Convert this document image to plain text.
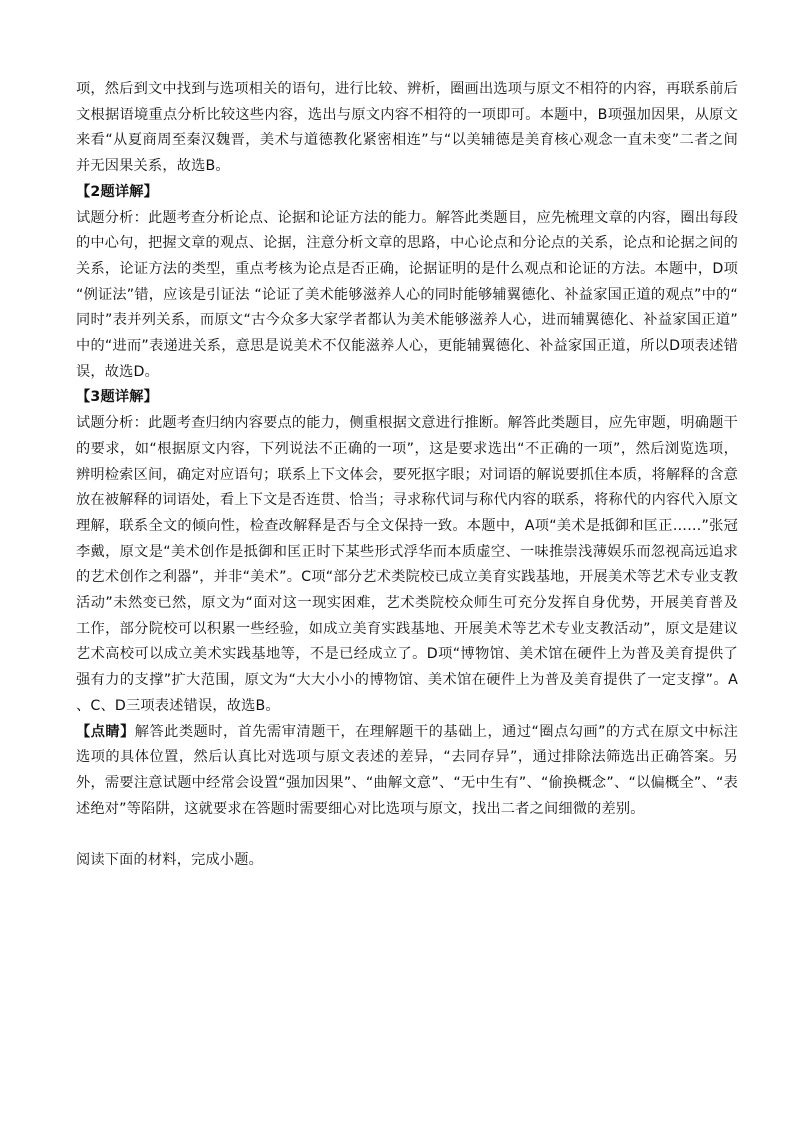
项，然后到文中找到与选项相关的语句，进行比较、辨析，圈画出选项与原文不相符的内容，再联系前后文根据语境重点分析比较这些内容，选出与原文内容不相符的一项即可。本题中，B项强加因果，从原文来看“从夏商周至秦汉魏晋，美术与道德教化紧密相连”与“以美辅德是美育核心观念一直未变”二者之间并无因果关系，故选B。

【2题详解】

试题分析：此题考查分析论点、论据和论证方法的能力。解答此类题目，应先梳理文章的内容，圈出每段的中心句，把握文章的观点、论据，注意分析文章的思路，中心论点和分论点的关系，论点和论据之间的关系，论证方法的类型，重点考核为论点是否正确，论据证明的是什么观点和论证的方法。本题中，D项“例证法”错，应该是引证法 “论证了美术能够滋养人心的同时能够辅翼德化、补益家国正道的观点”中的“同时”表并列关系，而原文“古今众多大家学者都认为美术能够滋养人心，进而辅翼德化、补益家国正道”中的“进而”表递进关系，意思是说美术不仅能滋养人心，更能辅翼德化、补益家国正道，所以D项表述错误，故选D。

【3题详解】

试题分析：此题考查归纳内容要点的能力，侧重根据文意进行推断。解答此类题目，应先审题，明确题干的要求，如“根据原文内容，下列说法不正确的一项”，这是要求选出“不正确的一项”，然后浏览选项，辨明检索区间，确定对应语句；联系上下文体会，要死抠字眼；对词语的解说要抓住本质，将解释的含意放在被解释的词语处，看上下文是否连贯、恰当；寻求称代词与称代内容的联系，将称代的内容代入原文理解，联系全文的倾向性，检查改解释是否与全文保持一致。本题中，A项“美术是抵御和匡正……”张冠李戴，原文是“美术创作是抵御和匡正时下某些形式浮华而本质虚空、一味推崇浅薄娱乐而忽视高远追求的艺术创作之利器”，并非“美术”。C项“部分艺术类院校已成立美育实践基地，开展美术等艺术专业支教活动”未然变已然，原文为“面对这一现实困难，艺术类院校众师生可充分发挥自身优势，开展美育普及工作，部分院校可以积累一些经验，如成立美育实践基地、开展美术等艺术专业支教活动”，原文是建议艺术高校可以成立美术实践基地等，不是已经成立了。D项“博物馆、美术馆在硬件上为普及美育提供了强有力的支撑”扩大范围，原文为“大大小小的博物馆、美术馆在硬件上为普及美育提供了一定支撑”。A、C、D三项表述错误，故选B。

【点睛】解答此类题时，首先需审清题干，在理解题干的基础上，通过“圈点勾画”的方式在原文中标注选项的具体位置，然后认真比对选项与原文表述的差异，“去同存异”，通过排除法筛选出正确答案。另外，需要注意试题中经常会设置“强加因果”、“曲解文意”、“无中生有”、“偷换概念”、“以偏概全”、“表述绝对”等陷阱，这就要求在答题时需要细心对比选项与原文，找出二者之间细微的差别。

阅读下面的材料，完成小题。
